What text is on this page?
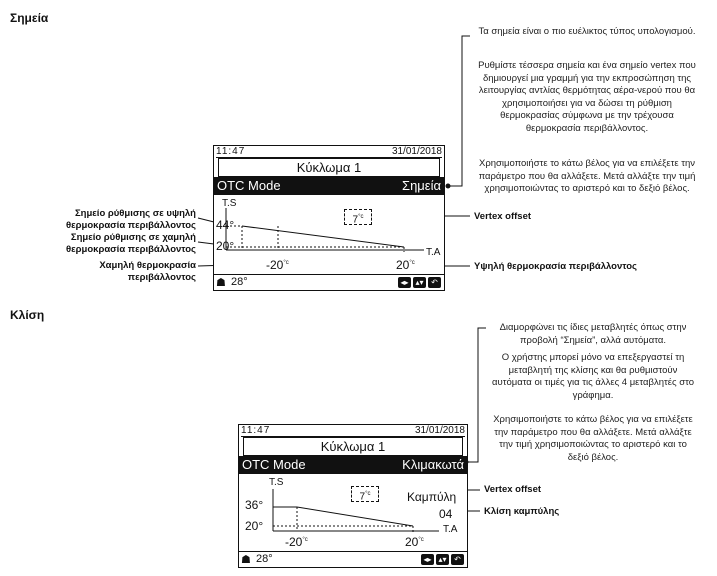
Σημεία
Τα σημεία είναι ο πιο ευέλικτος τύπος υπολογισμού.
Ρυθμίστε τέσσερα σημεία και ένα σημείο vertex που δημιουργεί μια γραμμή για την εκπροσώπηση της λειτουργίας αντλίας θερμότητας αέρα-νερού που θα χρησιμοποιήσει για να δώσει τη ρύθμιση θερμοκρασίας σύμφωνα με την τρέχουσα θερμοκρασία περιβάλλοντος.
Χρησιμοποιήστε το κάτω βέλος για να επιλέξετε την παράμετρο που θα αλλάξετε. Μετά αλλάξτε την τιμή χρησιμοποιώντας το αριστερό και το δεξιό βέλος.
Σημείο ρύθμισης σε υψηλή θερμοκρασία περιβάλλοντος
Σημείο ρύθμισης σε χαμηλή θερμοκρασία περιβάλλοντος
Χαμηλή θερμοκρασία περιβάλλοντος
Vertex offset
Υψηλή θερμοκρασία περιβάλλοντος
11:47	31/01/2018
Κύκλωμα 1
OTC Mode	Σημεία
T.S
44°
20°
$7^{^\circ c}$
T.A
$-20^{^\circ c}$	$20^{^\circ c}$
☗ 28°	◂▸ ▴▾ ↶
Κλίση
Διαμορφώνει τις ίδιες μεταβλητές όπως στην προβολή “Σημεία”, αλλά αυτόματα.
Ο χρήστης μπορεί μόνο να επεξεργαστεί τη μεταβλητή της κλίσης και θα ρυθμιστούν αυτόματα οι τιμές για τις άλλες 4 μεταβλητές στο γράφημα.
Χρησιμοποιήστε το κάτω βέλος για να επιλέξετε την παράμετρο που θα αλλάξετε. Μετά αλλάξτε την τιμή χρησιμοποιώντας το αριστερό και το δεξιό βέλος.
Vertex offset
Κλίση καμπύλης
11:47	31/01/2018
Κύκλωμα 1
OTC Mode	Κλιμακωτά
T.S
36°
20°
$7^{^\circ c}$	Καμπύλη
04
T.A
$-20^{^\circ c}$	$20^{^\circ c}$
☗ 28°	◂▸ ▴▾ ↶
